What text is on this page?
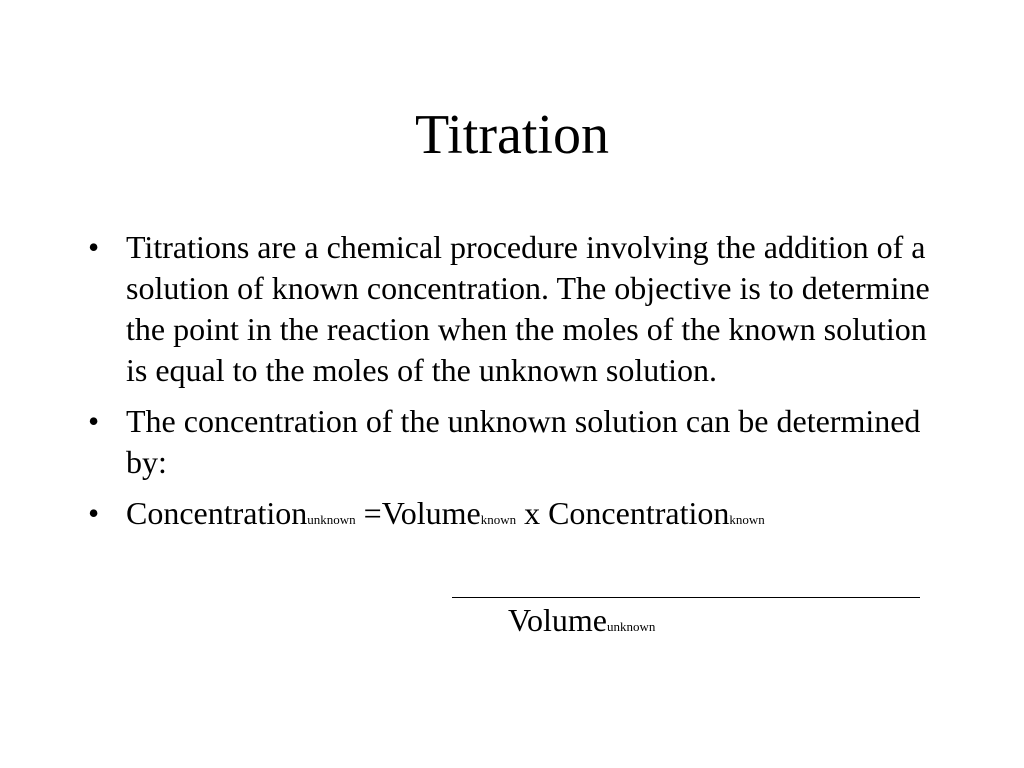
Titration
• Titrations are a chemical procedure involving the addition of a solution of known concentration. The objective is to determine the point in the reaction when the moles of the known solution is equal to the moles of the unknown solution.
• The concentration of the unknown solution can be determined by:
• Concentrationunknown =Volumeknown x Concentrationknown
Volumeunknown
